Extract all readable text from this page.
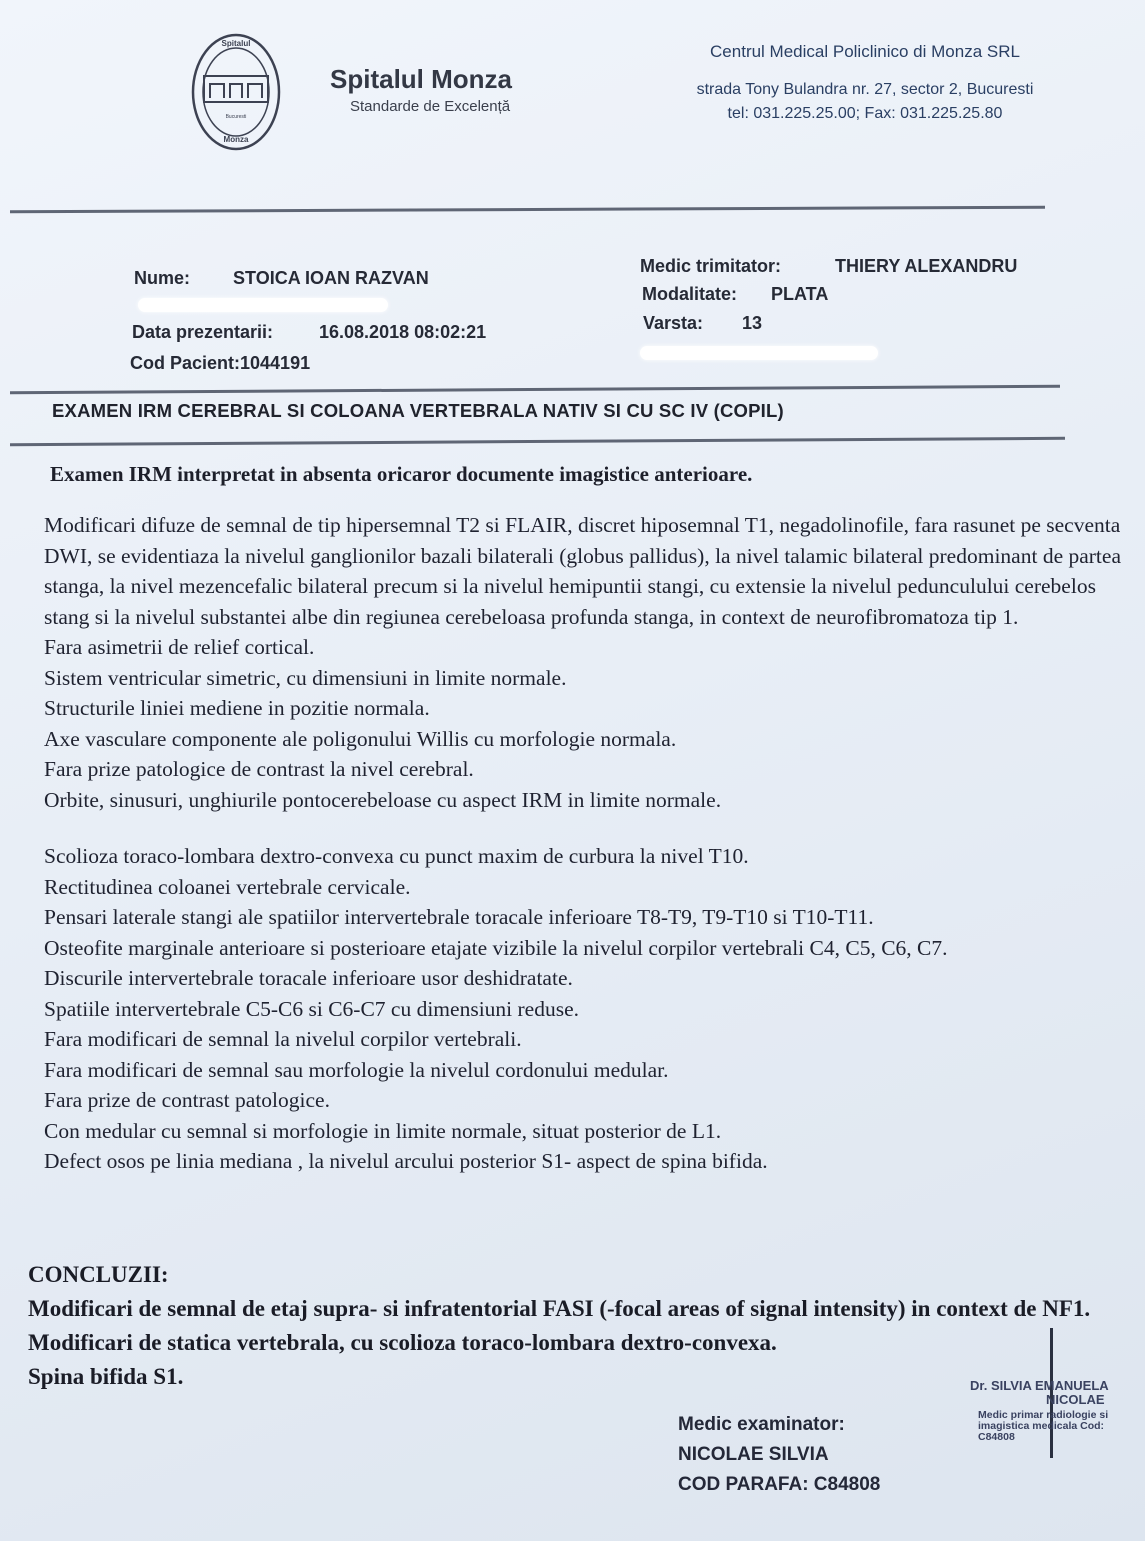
Spitalul
Bucuresti
Monza
Spitalul Monza
Standarde de Excelență
Centrul Medical Policlinico di Monza SRL
strada Tony Bulandra nr. 27, sector 2, Bucuresti
tel: 031.225.25.00; Fax: 031.225.25.80
Nume: STOICA IOAN RAZVAN
Data prezentarii:	16.08.2018 08:02:21
Cod Pacient:1044191
Medic trimitator:	THIERY ALEXANDRU
Modalitate: PLATA
Varsta: 13
EXAMEN IRM CEREBRAL SI COLOANA VERTEBRALA NATIV SI CU SC IV (COPIL)
Examen IRM interpretat in absenta oricaror documente imagistice anterioare.

Modificari difuze de semnal de tip hipersemnal T2 si FLAIR, discret hiposemnal T1, negadolinofile, fara rasunet pe secventa DWI, se evidentiaza la nivelul ganglionilor bazali bilaterali (globus pallidus), la nivel talamic bilateral predominant de partea stanga, la nivel mezencefalic bilateral precum si la nivelul hemipuntii stangi, cu extensie la nivelul pedunculului cerebelos stang si la nivelul substantei albe din regiunea cerebeloasa profunda stanga, in context de neurofibromatoza tip 1.

Fara asimetrii de relief cortical.

Sistem ventricular simetric, cu dimensiuni in limite normale.

Structurile liniei mediene in pozitie normala.

Axe vasculare componente ale poligonului Willis cu morfologie normala.

Fara prize patologice de contrast la nivel cerebral.

Orbite, sinusuri, unghiurile pontocerebeloase cu aspect IRM in limite normale.

Scolioza toraco-lombara dextro-convexa cu punct maxim de curbura la nivel T10.

Rectitudinea coloanei vertebrale cervicale.

Pensari laterale stangi ale spatiilor intervertebrale toracale inferioare T8-T9, T9-T10 si T10-T11.

Osteofite marginale anterioare si posterioare etajate vizibile la nivelul corpilor vertebrali C4, C5, C6, C7.

Discurile intervertebrale toracale inferioare usor deshidratate.

Spatiile intervertebrale C5-C6 si C6-C7 cu dimensiuni reduse.

Fara modificari de semnal la nivelul corpilor vertebrali.

Fara modificari de semnal sau morfologie la nivelul cordonului medular.

Fara prize de contrast patologice.

Con medular cu semnal si morfologie in limite normale, situat posterior de L1.

Defect osos pe linia mediana , la nivelul arcului posterior S1- aspect de spina bifida.

CONCLUZII:

Modificari de semnal de etaj supra- si infratentorial FASI (-focal areas of signal intensity) in context de NF1.

Modificari de statica vertebrala, cu scolioza toraco-lombara dextro-convexa.

Spina bifida S1.

Medic examinator:
NICOLAE SILVIA
COD PARAFA: C84808
Dr. SILVIA EMANUELA
NICOLAE
Medic primar radiologie si imagistica medicala Cod: C84808
